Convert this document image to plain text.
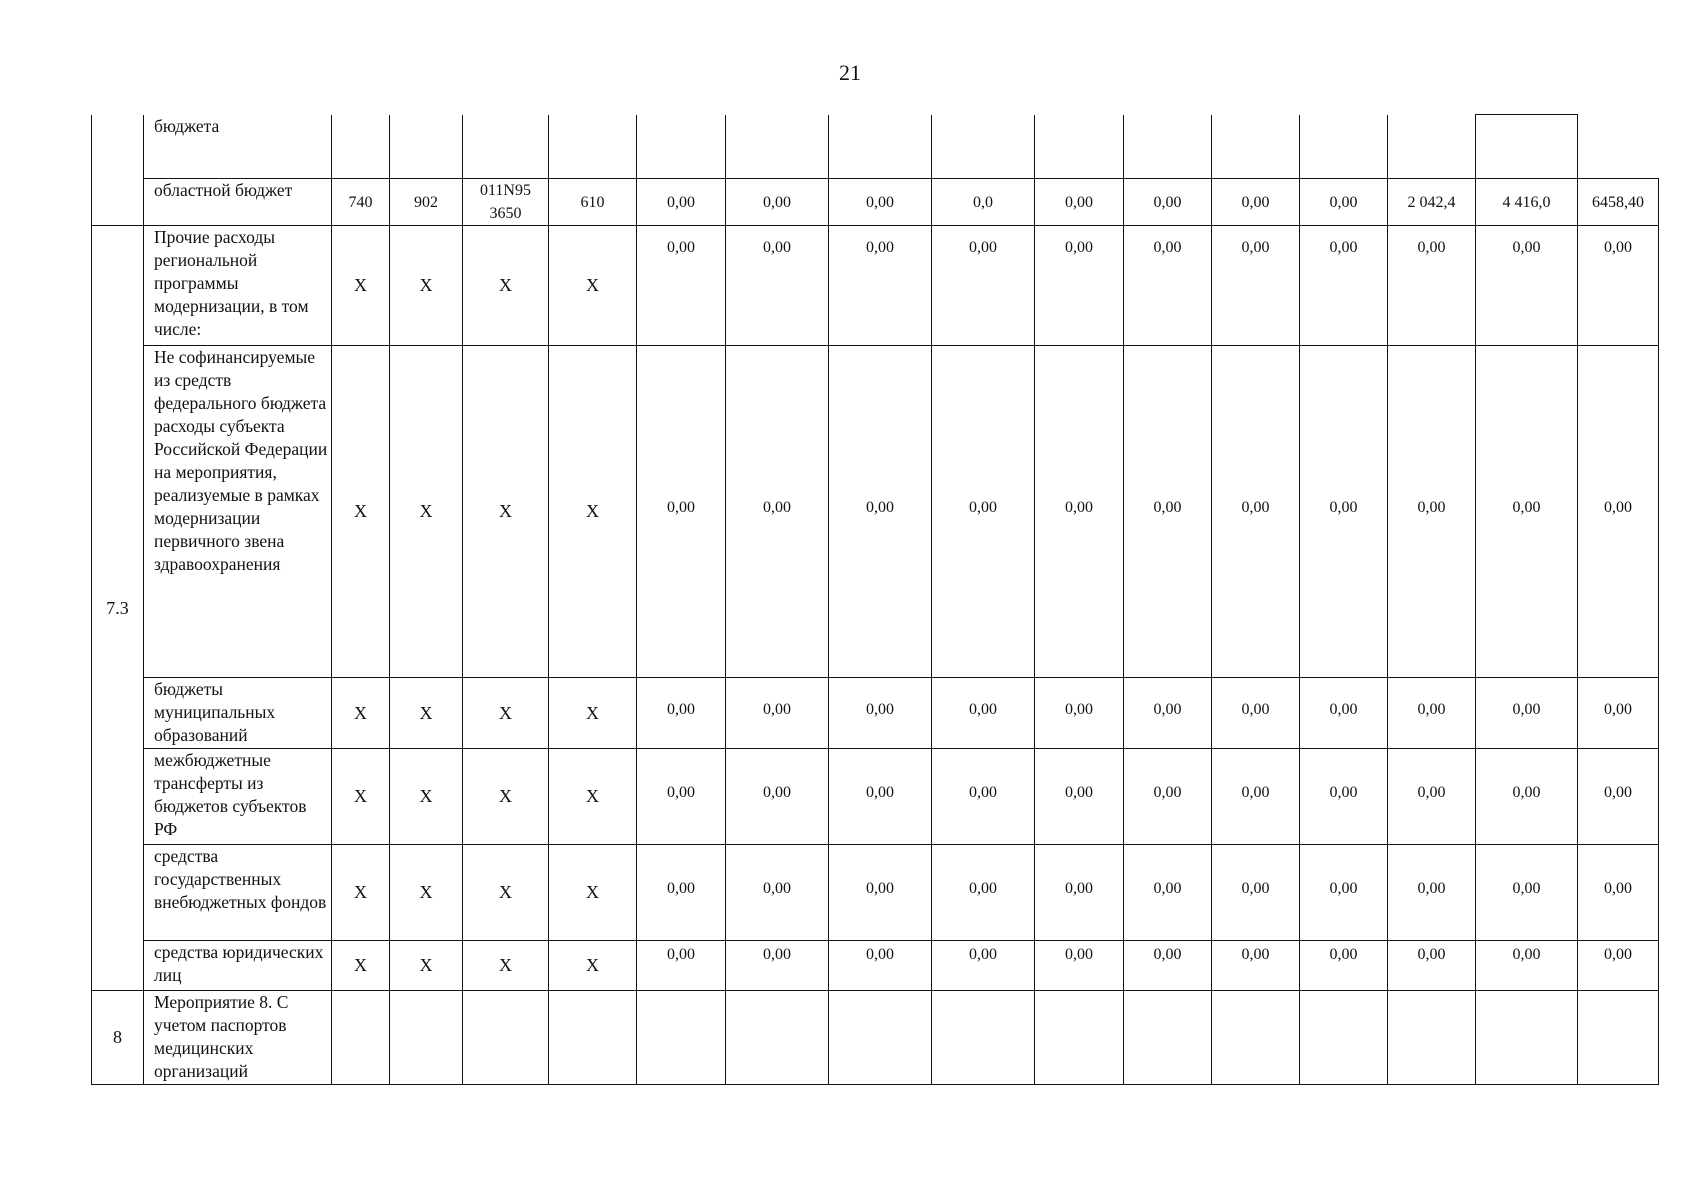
21
	бюджета															
	областной бюджет	740	902	011N95 3650	610	0,00	0,00	0,00	0,0	0,00	0,00	0,00	0,00	2 042,4	4 416,0	6458,40
7.3	Прочие расходы региональной программы модернизации, в том числе:	X	X	X	X	0,00	0,00	0,00	0,00	0,00	0,00	0,00	0,00	0,00	0,00	0,00
	Не софинансируемые из средств федерального бюджета расходы субъекта Российской Федерации на мероприятия, реализуемые в рамках модернизации первичного звена здравоохранения	X	X	X	X	0,00	0,00	0,00	0,00	0,00	0,00	0,00	0,00	0,00	0,00	0,00
	бюджеты муниципальных образований	X	X	X	X	0,00	0,00	0,00	0,00	0,00	0,00	0,00	0,00	0,00	0,00	0,00
	межбюджетные трансферты из бюджетов субъектов РФ	X	X	X	X	0,00	0,00	0,00	0,00	0,00	0,00	0,00	0,00	0,00	0,00	0,00
	средства государственных внебюджетных фондов	X	X	X	X	0,00	0,00	0,00	0,00	0,00	0,00	0,00	0,00	0,00	0,00	0,00
	средства юридических лиц	X	X	X	X	0,00	0,00	0,00	0,00	0,00	0,00	0,00	0,00	0,00	0,00	0,00
8	Мероприятие 8. С учетом паспортов медицинских организаций															
